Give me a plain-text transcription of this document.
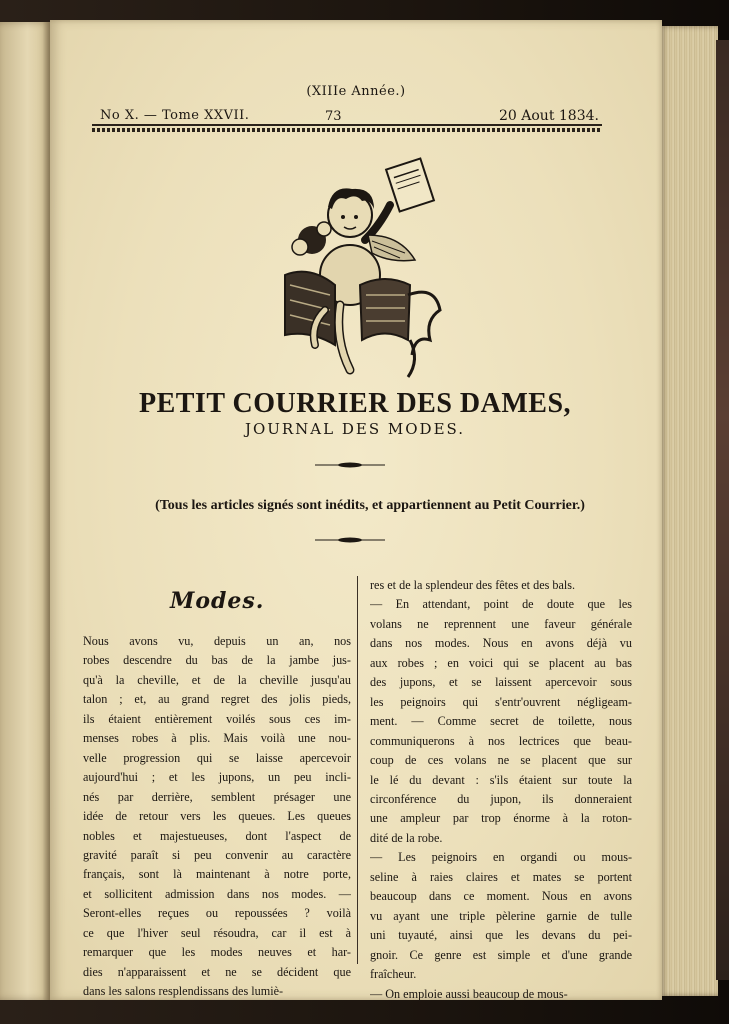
(XIIIe Année.)
No X. — Tome XXVII.	73	20 Aout 1834.
PETIT COURRIER DES DAMES,
JOURNAL DES MODES.
(Tous les articles signés sont inédits, et appartiennent au Petit Courrier.)
Modes.
Nous avons vu, depuis un an, nos
robes descendre du bas de la jambe jus-
qu'à la cheville, et de la cheville jusqu'au
talon ; et, au grand regret des jolis pieds,
ils étaient entièrement voilés sous ces im-
menses robes à plis. Mais voilà une nou-
velle progression qui se laisse apercevoir
aujourd'hui ; et les jupons, un peu incli-
nés par derrière, semblent présager une
idée de retour vers les queues. Les queues
nobles et majestueuses, dont l'aspect de
gravité paraît si peu convenir au caractère
français, sont là maintenant à notre porte,
et sollicitent admission dans nos modes. —
Seront-elles reçues ou repoussées ? voilà
ce que l'hiver seul résoudra, car il est à
remarquer que les modes neuves et har-
dies n'apparaissent et ne se décident que
dans les salons resplendissans des lumiè-
res et de la splendeur des fêtes et des bals.
— En attendant, point de doute que les
volans ne reprennent une faveur générale
dans nos modes. Nous en avons déjà vu
aux robes ; en voici qui se placent au bas
des jupons, et se laissent apercevoir sous
les peignoirs qui s'entr'ouvrent négligeam-
ment. — Comme secret de toilette, nous
communiquerons à nos lectrices que beau-
coup de ces volans ne se placent que sur
le lé du devant : s'ils étaient sur toute la
circonférence du jupon, ils donneraient
une ampleur par trop énorme à la roton-
dité de la robe.
— Les peignoirs en organdi ou mous-
seline à raies claires et mates se portent
beaucoup dans ce moment. Nous en avons
vu ayant une triple pèlerine garnie de tulle
uni tuyauté, ainsi que les devans du pei-
gnoir. Ce genre est simple et d'une grande
fraîcheur.
— On emploie aussi beaucoup de mous-
